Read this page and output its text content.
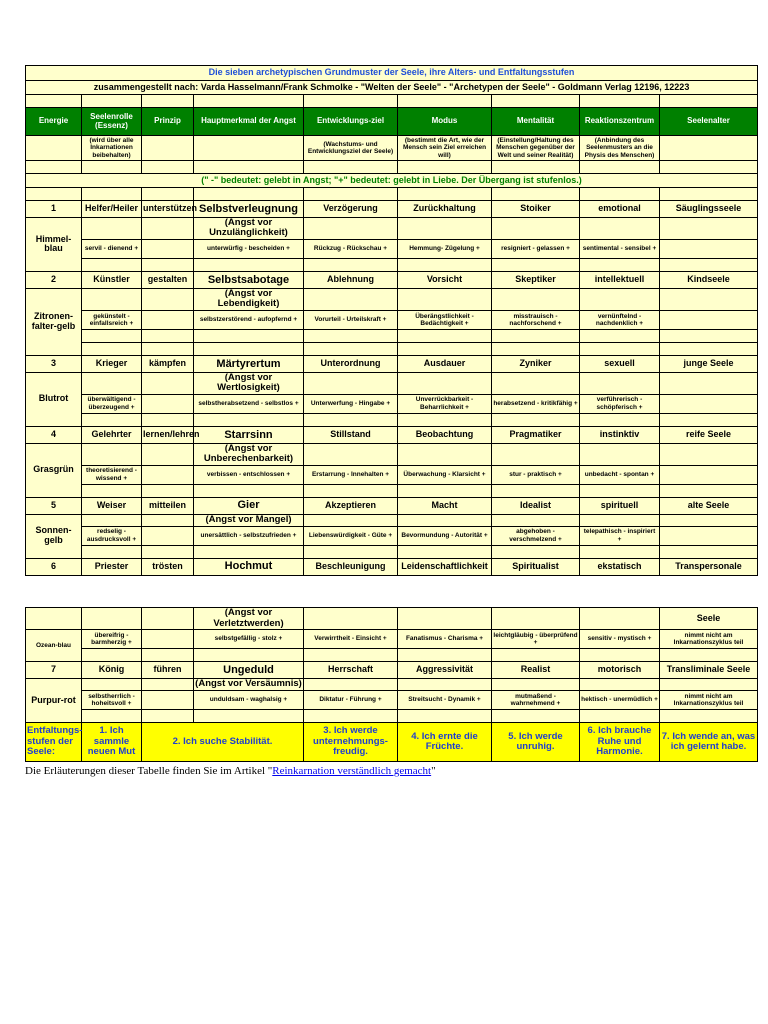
Die sieben archetypischen Grundmuster der Seele, ihre Alters- und Entfaltungsstufen								
zusammengestellt nach: Varda Hasselmann/Frank Schmolke - "Welten der Seele" - "Archetypen der Seele" - Goldmann Verlag 12196, 12223								

Energie	Seelenrolle (Essenz)	Prinzip	Hauptmerkmal der Angst	Entwicklungs-ziel	Modus	Mentalität	Reaktionszentrum	Seelenalter
	(wird über alle Inkarnationen beibehalten)			(Wachstums- und Entwicklungsziel der Seele)	(bestimmt die Art, wie der Mensch sein Ziel erreichen will)	(Einstellung/Haltung des Menschen gegenüber der Welt und seiner Realität)	(Anbindung des Seelenmusters an die Physis des Menschen)	

(" -" bedeutet: gelebt in Angst; "+" bedeutet: gelebt in Liebe. Der Übergang ist stufenlos.)								

1	Helfer/Heiler	unterstützen	Selbstverleugnung	Verzögerung	Zurückhaltung	Stoiker	emotional	Säuglingsseele
Himmel-blau			(Angst vor Unzulänglichkeit)					
	servil - dienend +		unterwürfig - bescheiden +	Rückzug - Rückschau +	Hemmung- Zügelung +	resigniert - gelassen +	sentimental - sensibel +	

2	Künstler	gestalten	Selbstsabotage	Ablehnung	Vorsicht	Skeptiker	intellektuell	Kindseele
Zitronen-falter-gelb			(Angst vor Lebendigkeit)					
	gekünstelt - einfallsreich +		selbstzerstörend - aufopfernd +	Vorurteil - Urteilskraft +	Überängstlichkeit - Bedächtigkeit +	misstrauisch - nachforschend +	vernünftelnd - nachdenklich +	

3	Krieger	kämpfen	Märtyrertum	Unterordnung	Ausdauer	Zyniker	sexuell	junge Seele
Blutrot			(Angst vor Wertlosigkeit)					
	überwältigend - überzeugend +		selbstherabsetzend - selbstlos +	Unterwerfung - Hingabe +	Unverrückbarkeit - Beharrlichkeit +	herabsetzend - kritikfähig +	verführerisch - schöpferisch +	

4	Gelehrter	lernen/lehren	Starrsinn	Stillstand	Beobachtung	Pragmatiker	instinktiv	reife Seele
Grasgrün			(Angst vor Unberechenbarkeit)					
	theoretisierend - wissend +		verbissen - entschlossen +	Erstarrung - Innehalten +	Überwachung - Klarsicht +	stur - praktisch +	unbedacht - spontan +	

5	Weiser	mitteilen	Gier	Akzeptieren	Macht	Idealist	spirituell	alte Seele
Sonnen-gelb			(Angst vor Mangel)					
	redselig - ausdrucksvoll +		unersättlich - selbstzufrieden +	Liebenswürdigkeit - Güte +	Bevormundung - Autorität +	abgehoben - verschmelzend +	telepathisch - inspiriert +	

6	Priester	trösten	Hochmut	Beschleunigung	Leidenschaftlichkeit	Spiritualist	ekstatisch	Transpersonale
			(Angst vor Verletztwerden)					Seele
Ozean-blau	übereifrig - barmherzig +		selbstgefällig - stolz +	Verwirrtheit - Einsicht +	Fanatismus - Charisma +	leichtgläubig - überprüfend +	sensitiv - mystisch +	nimmt nicht am Inkarnationszyklus teil

7	König	führen	Ungeduld	Herrschaft	Aggressivität	Realist	motorisch	Transliminale Seele
Purpur-rot			(Angst vor Versäumnis)					
	selbstherrlich - hoheitsvoll +		unduldsam - waghalsig +	Diktatur - Führung +	Streitsucht - Dynamik +	mutmaßend - wahrnehmend +	hektisch - unermüdlich +	nimmt nicht am Inkarnationszyklus teil

Entfaltungs-stufen der Seele:	1. Ich sammle neuen Mut	2. Ich suche Stabilität.		3. Ich werde unternehmungs-freudig.	4. Ich ernte die Früchte.	5. Ich werde unruhig.	6. Ich brauche Ruhe und Harmonie.	7. Ich wende an, was ich gelernt habe.
Die Erläuterungen dieser Tabelle finden Sie im Artikel "Reinkarnation verständlich gemacht"
